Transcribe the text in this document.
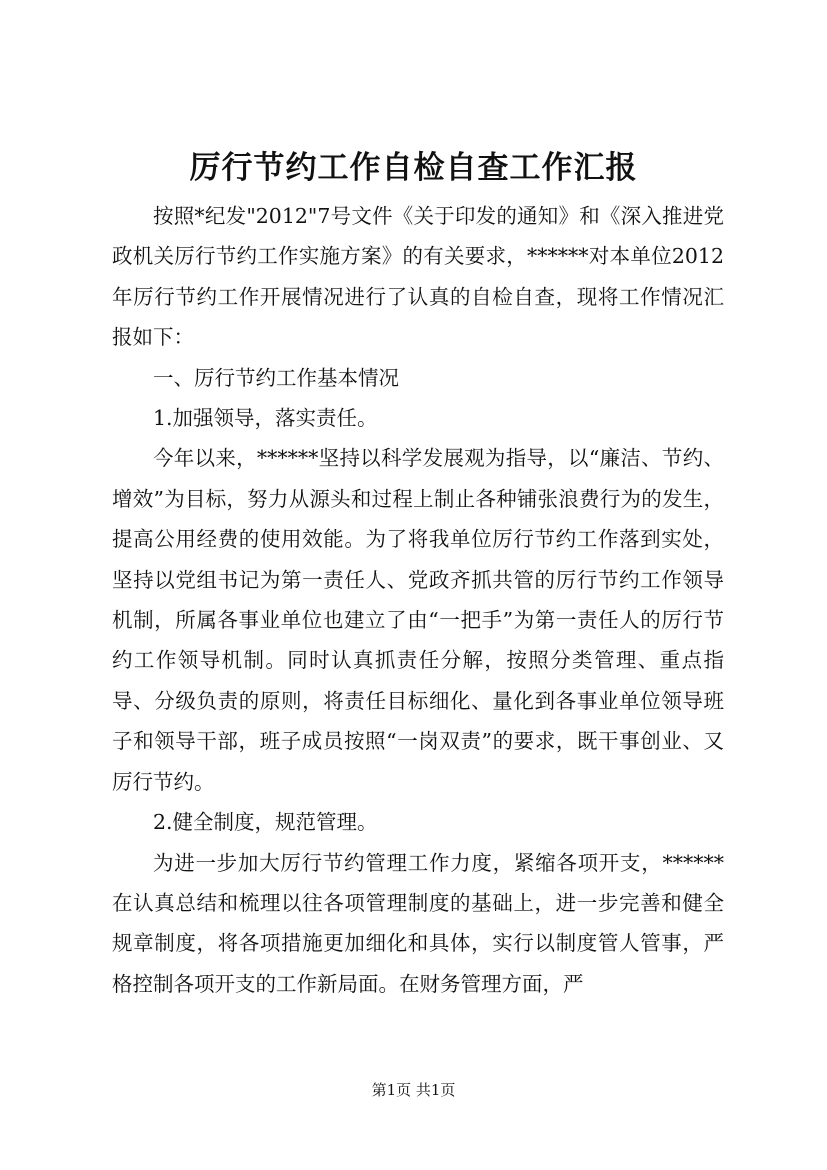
厉行节约工作自检自查工作汇报

按照*纪发"2012"7号文件《关于印发的通知》和《深入推进党政机关厉行节约工作实施方案》的有关要求，******对本单位2012年厉行节约工作开展情况进行了认真的自检自查，现将工作情况汇报如下：

一、厉行节约工作基本情况

1.加强领导，落实责任。

今年以来，******坚持以科学发展观为指导，以“廉洁、节约、增效”为目标，努力从源头和过程上制止各种铺张浪费行为的发生，提高公用经费的使用效能。为了将我单位厉行节约工作落到实处，坚持以党组书记为第一责任人、党政齐抓共管的厉行节约工作领导机制，所属各事业单位也建立了由“一把手”为第一责任人的厉行节约工作领导机制。同时认真抓责任分解，按照分类管理、重点指导、分级负责的原则，将责任目标细化、量化到各事业单位领导班子和领导干部，班子成员按照“一岗双责”的要求，既干事创业、又厉行节约。

2.健全制度，规范管理。

为进一步加大厉行节约管理工作力度，紧缩各项开支，******在认真总结和梳理以往各项管理制度的基础上，进一步完善和健全规章制度，将各项措施更加细化和具体，实行以制度管人管事，严格控制各项开支的工作新局面。在财务管理方面，严

第1页 共1页
